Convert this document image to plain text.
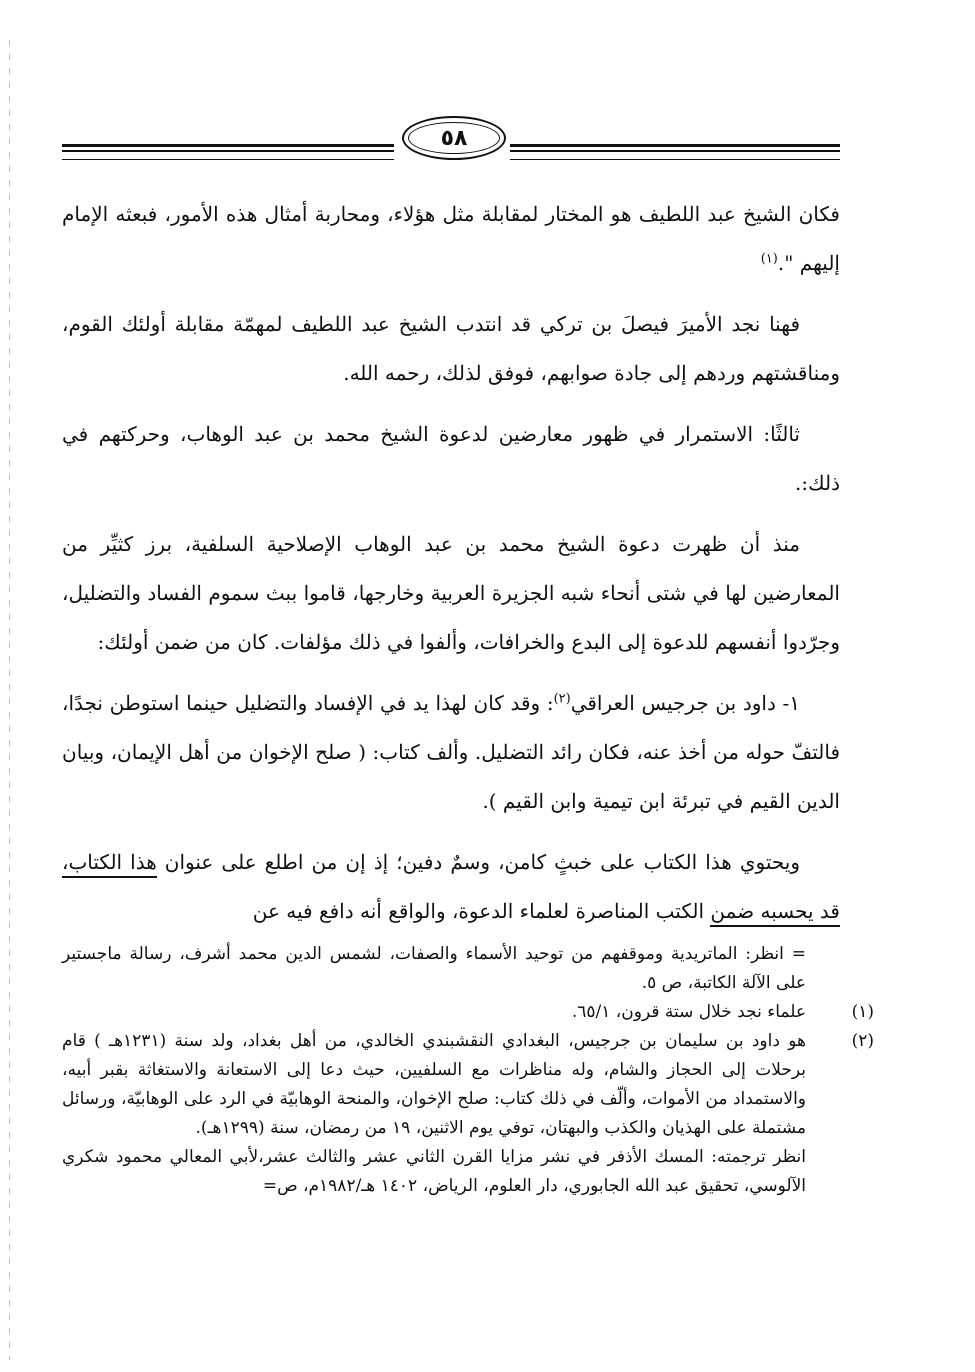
٥٨

فكان الشيخ عبد اللطيف هو المختار لمقابلة مثل هؤلاء، ومحاربة أمثال هذه الأمور، فبعثه الإمام إليهم ".$^{(١)}$

فهنا نجد الأميرَ فيصلَ بن تركي قد انتدب الشيخ عبد اللطيف لمهمّة مقابلة أولئك القوم، ومناقشتهم وردهم إلى جادة صوابهم، فوفق لذلك، رحمه الله.

ثالثًا: الاستمرار في ظهور معارضين لدعوة الشيخ محمد بن عبد الوهاب، وحركتهم في ذلك:.

منذ أن ظهرت دعوة الشيخ محمد بن عبد الوهاب الإصلاحية السلفية، برز كثيِّر من المعارضين لها في شتى أنحاء شبه الجزيرة العربية وخارجها، قاموا ببث سموم الفساد والتضليل، وجرّدوا أنفسهم للدعوة إلى البدع والخرافات، وألفوا في ذلك مؤلفات. كان من ضمن أولئك:

١- داود بن جرجيس العراقي$^{(٢)}$: وقد كان لهذا يد في الإفساد والتضليل حينما استوطن نجدًا، فالتفّ حوله من أخذ عنه، فكان رائد التضليل. وألف كتاب: ( صلح الإخوان من أهل الإيمان، وبيان الدين القيم في تبرئة ابن تيمية وابن القيم ).

ويحتوي هذا الكتاب على خبثٍ كامن، وسمٌ دفين؛ إذ إن من اطلع على عنوان هذا الكتاب، قد يحسبه ضمن الكتب المناصرة لعلماء الدعوة، والواقع أنه دافع فيه عن

= انظر: الماتريدية وموقفهم من توحيد الأسماء والصفات، لشمس الدين محمد أشرف، رسالة ماجستير على الآلة الكاتبة، ص ٥.

(١)علماء نجد خلال ستة قرون، ٦٥/١.

(٢)هو داود بن سليمان بن جرجيس، البغدادي النقشبندي الخالدي، من أهل بغداد، ولد سنة (١٢٣١هـ ) قام برحلات إلى الحجاز والشام، وله مناظرات مع السلفيين، حيث دعا إلى الاستعانة والاستغاثة بقبر أبيه، والاستمداد من الأموات، وألّف في ذلك كتاب: صلح الإخوان، والمنحة الوهابيّة في الرد على الوهابيّة، ورسائل مشتملة على الهذيان والكذب والبهتان، توفي يوم الاثنين، ١٩ من رمضان، سنة (١٢٩٩هـ).

انظر ترجمته: المسك الأذفر في نشر مزايا القرن الثاني عشر والثالث عشر،لأبي المعالي محمود شكري الآلوسي، تحقيق عبد الله الجابوري، دار العلوم، الرياض، ١٤٠٢ هـ/١٩٨٢م، ص=
